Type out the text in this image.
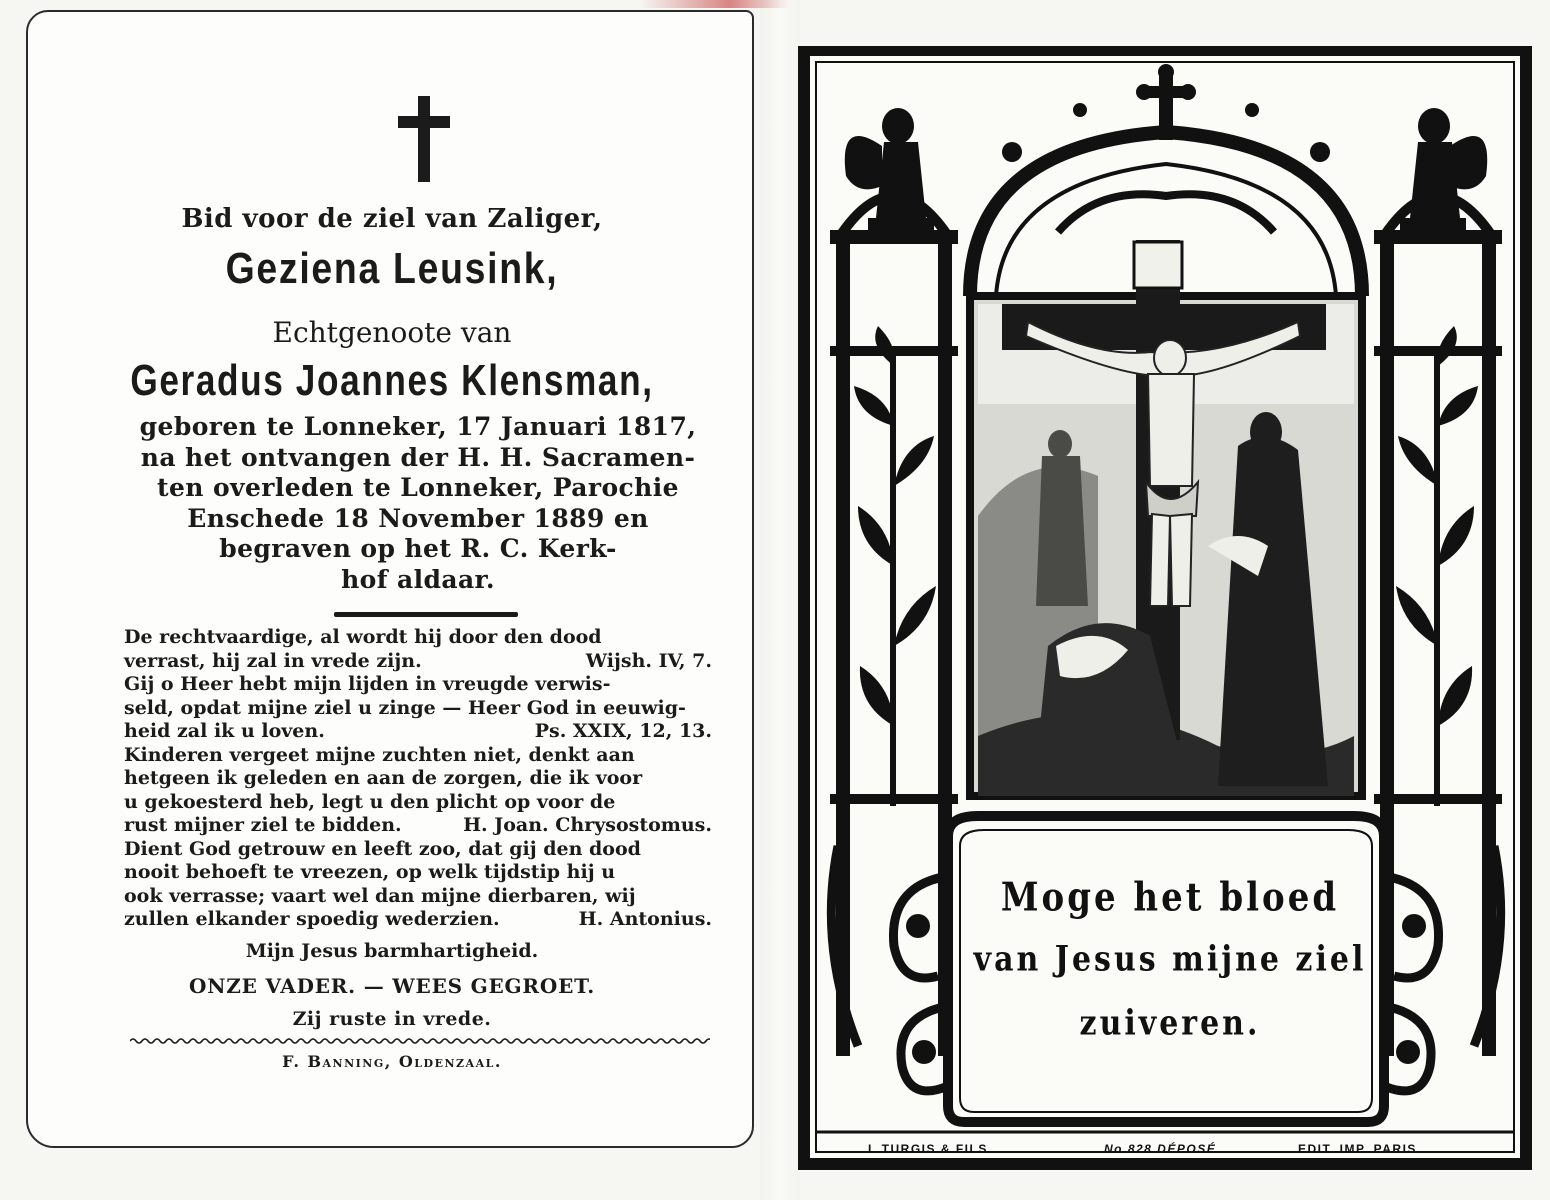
Bid voor de ziel van Zaliger,
Geziena Leusink,
Echtgenoote van
Geradus Joannes Klensman,
geboren te Lonneker, 17 Januari 1817,
na het ontvangen der H. H. Sacramen-
ten overleden te Lonneker, Parochie
Enschede 18 November 1889 en
begraven op het R. C. Kerk-
hof aldaar.
De rechtvaardige, al wordt hij door den dood
verrast, hij zal in vrede zijn.	Wijsh. IV, 7.
Gij o Heer hebt mijn lijden in vreugde verwis-
seld, opdat mijne ziel u zinge — Heer God in eeuwig-
heid zal ik u loven.	Ps. XXIX, 12, 13.
Kinderen vergeet mijne zuchten niet, denkt aan
hetgeen ik geleden en aan de zorgen, die ik voor
u gekoesterd heb, legt u den plicht op voor de
rust mijner ziel te bidden.	H. Joan. Chrysostomus.
Dient God getrouw en leeft zoo, dat gij den dood
nooit behoeft te vreezen, op welk tijdstip hij u
ook verrasse; vaart wel dan mijne dierbaren, wij
zullen elkander spoedig wederzien.	H. Antonius.
Mijn Jesus barmhartigheid.
ONZE VADER. — WEES GEGROET.
Zij ruste in vrede.
F. Banning, Oldenzaal.
Moge het bloed
van Jesus mijne ziel
zuiveren.
L.TURGIS & FILS	No 828 DÉPOSÉ	EDIT. IMP. PARIS.
